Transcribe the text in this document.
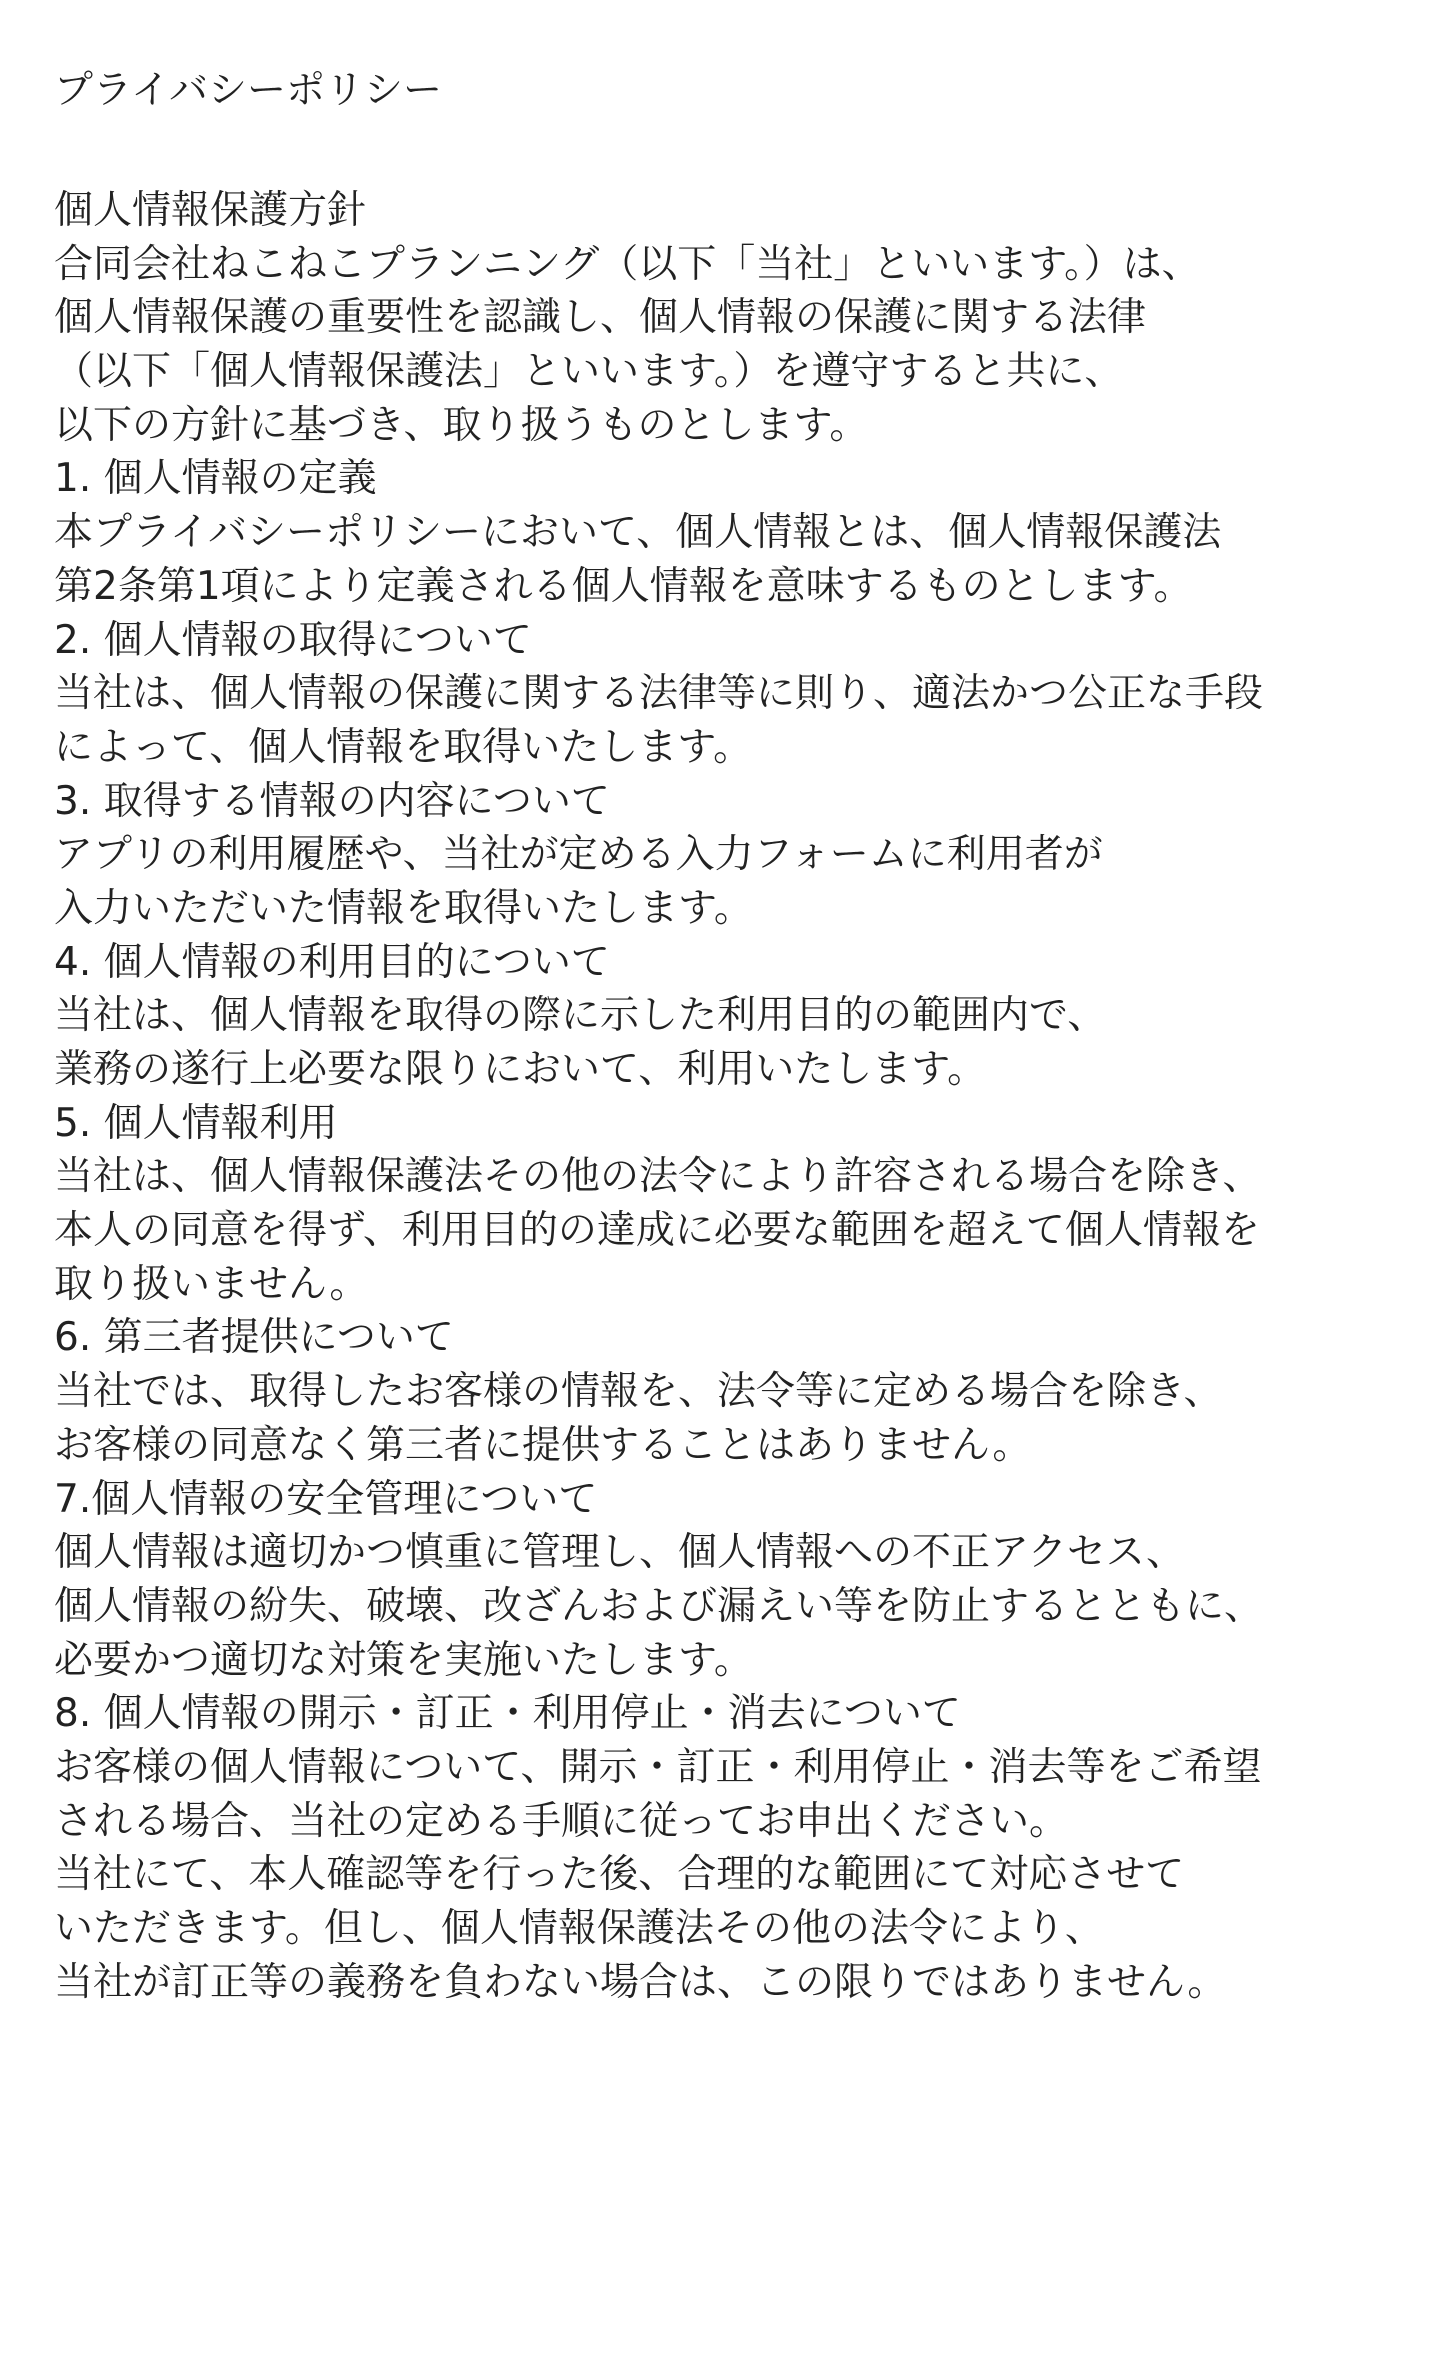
プライバシーポリシー
個人情報保護方針
合同会社ねこねこプランニング（以下「当社」といいます。）は、
個人情報保護の重要性を認識し、個人情報の保護に関する法律
（以下「個人情報保護法」といいます。）を遵守すると共に、
以下の方針に基づき、取り扱うものとします。
1. 個人情報の定義
本プライバシーポリシーにおいて、個人情報とは、個人情報保護法
第2条第1項により定義される個人情報を意味するものとします。
2. 個人情報の取得について
当社は、個人情報の保護に関する法律等に則り、適法かつ公正な手段
によって、個人情報を取得いたします。
3. 取得する情報の内容について
アプリの利用履歴や、当社が定める入力フォームに利用者が
入力いただいた情報を取得いたします。
4. 個人情報の利用目的について
当社は、個人情報を取得の際に示した利用目的の範囲内で、
業務の遂行上必要な限りにおいて、利用いたします。
5. 個人情報利用
当社は、個人情報保護法その他の法令により許容される場合を除き、
本人の同意を得ず、利用目的の達成に必要な範囲を超えて個人情報を
取り扱いません。
6. 第三者提供について
当社では、取得したお客様の情報を、法令等に定める場合を除き、
お客様の同意なく第三者に提供することはありません。
7.個人情報の安全管理について
個人情報は適切かつ慎重に管理し、個人情報への不正アクセス、
個人情報の紛失、破壊、改ざんおよび漏えい等を防止するとともに、
必要かつ適切な対策を実施いたします。
8. 個人情報の開示・訂正・利用停止・消去について
お客様の個人情報について、開示・訂正・利用停止・消去等をご希望
される場合、当社の定める手順に従ってお申出ください。
当社にて、本人確認等を行った後、合理的な範囲にて対応させて
いただきます。但し、個人情報保護法その他の法令により、
当社が訂正等の義務を負わない場合は、この限りではありません。
